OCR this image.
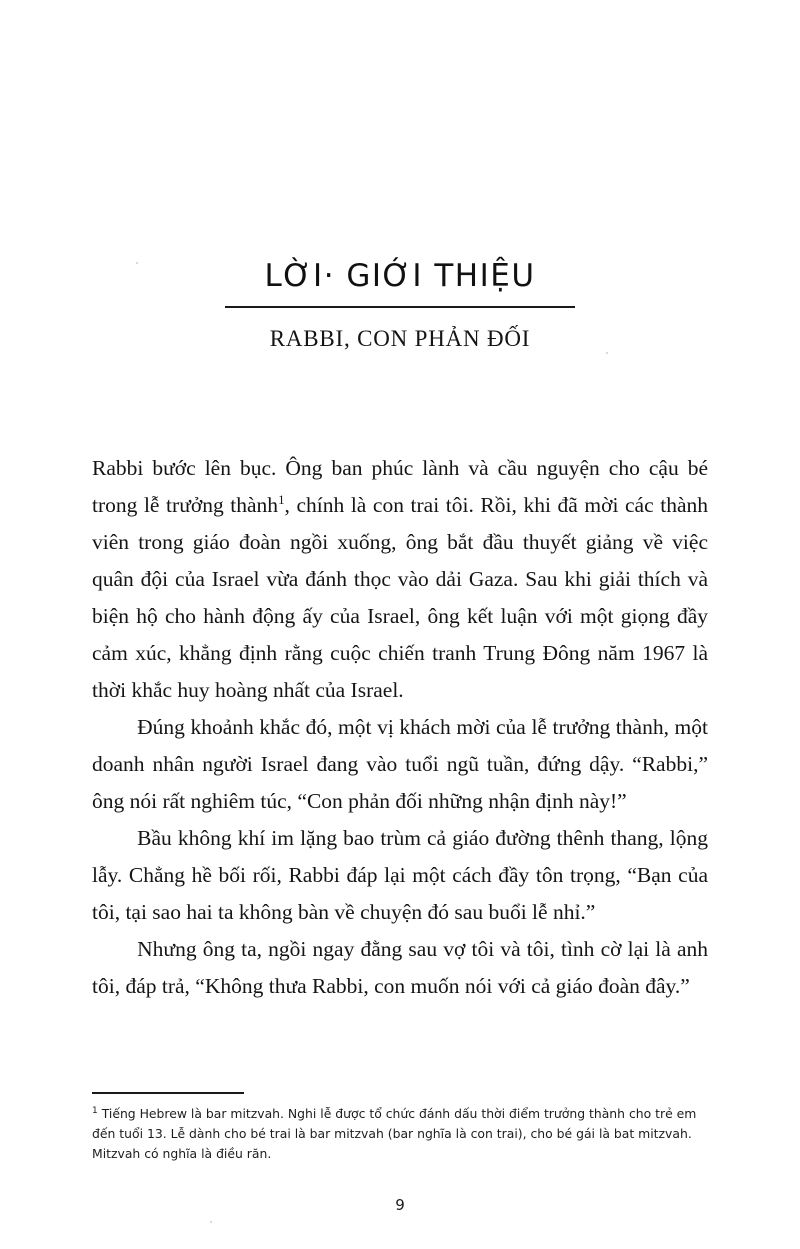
LỜI· GIỚI THIỆU
RABBI, CON PHẢN ĐỐI

Rabbi bước lên bục. Ông ban phúc lành và cầu nguyện cho cậu bé trong lễ trưởng thành$^1$, chính là con trai tôi. Rồi, khi đã mời các thành viên trong giáo đoàn ngồi xuống, ông bắt đầu thuyết giảng về việc quân đội của Israel vừa đánh thọc vào dải Gaza. Sau khi giải thích và biện hộ cho hành động ấy của Israel, ông kết luận với một giọng đầy cảm xúc, khẳng định rằng cuộc chiến tranh Trung Đông năm 1967 là thời khắc huy hoàng nhất của Israel.

Đúng khoảnh khắc đó, một vị khách mời của lễ trưởng thành, một doanh nhân người Israel đang vào tuổi ngũ tuần, đứng dậy. “Rabbi,” ông nói rất nghiêm túc, “Con phản đối những nhận định này!”

Bầu không khí im lặng bao trùm cả giáo đường thênh thang, lộng lẫy. Chẳng hề bối rối, Rabbi đáp lại một cách đầy tôn trọng, “Bạn của tôi, tại sao hai ta không bàn về chuyện đó sau buổi lễ nhỉ.”

Nhưng ông ta, ngồi ngay đằng sau vợ tôi và tôi, tình cờ lại là anh tôi, đáp trả, “Không thưa Rabbi, con muốn nói với cả giáo đoàn đây.”

$^1$ Tiếng Hebrew là bar mitzvah. Nghi lễ được tổ chức đánh dấu thời điểm trưởng thành cho trẻ em đến tuổi 13. Lễ dành cho bé trai là bar mitzvah (bar nghĩa là con trai), cho bé gái là bat mitzvah. Mitzvah có nghĩa là điều răn.
9
